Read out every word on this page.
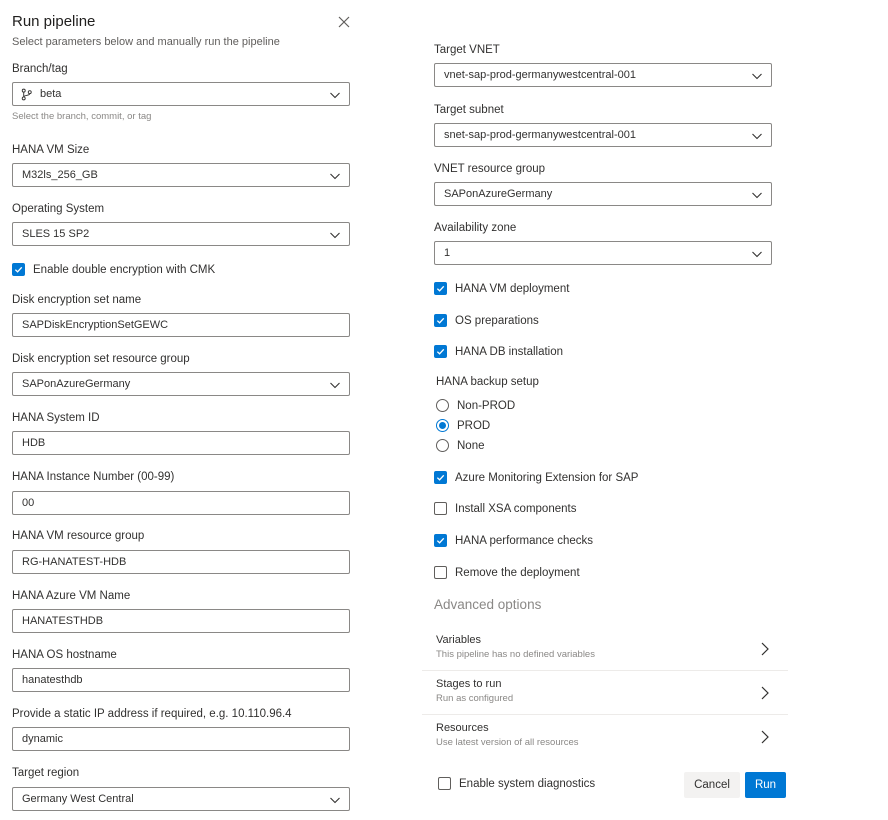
Run pipeline
Select parameters below and manually run the pipeline
Branch/tag
beta
Select the branch, commit, or tag
HANA VM Size
M32ls_256_GB
Operating System
SLES 15 SP2
Enable double encryption with CMK
Disk encryption set name
SAPDiskEncryptionSetGEWC
Disk encryption set resource group
SAPonAzureGermany
HANA System ID
HDB
HANA Instance Number (00-99)
00
HANA VM resource group
RG-HANATEST-HDB
HANA Azure VM Name
HANATESTHDB
HANA OS hostname
hanatesthdb
Provide a static IP address if required, e.g. 10.110.96.4
dynamic
Target region
Germany West Central
Target VNET
vnet-sap-prod-germanywestcentral-001
Target subnet
snet-sap-prod-germanywestcentral-001
VNET resource group
SAPonAzureGermany
Availability zone
1
HANA VM deployment
OS preparations
HANA DB installation
HANA backup setup
Non-PROD
PROD
None
Azure Monitoring Extension for SAP
Install XSA components
HANA performance checks
Remove the deployment
Advanced options
Variables
This pipeline has no defined variables
Stages to run
Run as configured
Resources
Use latest version of all resources
Enable system diagnostics	Cancel	Run
